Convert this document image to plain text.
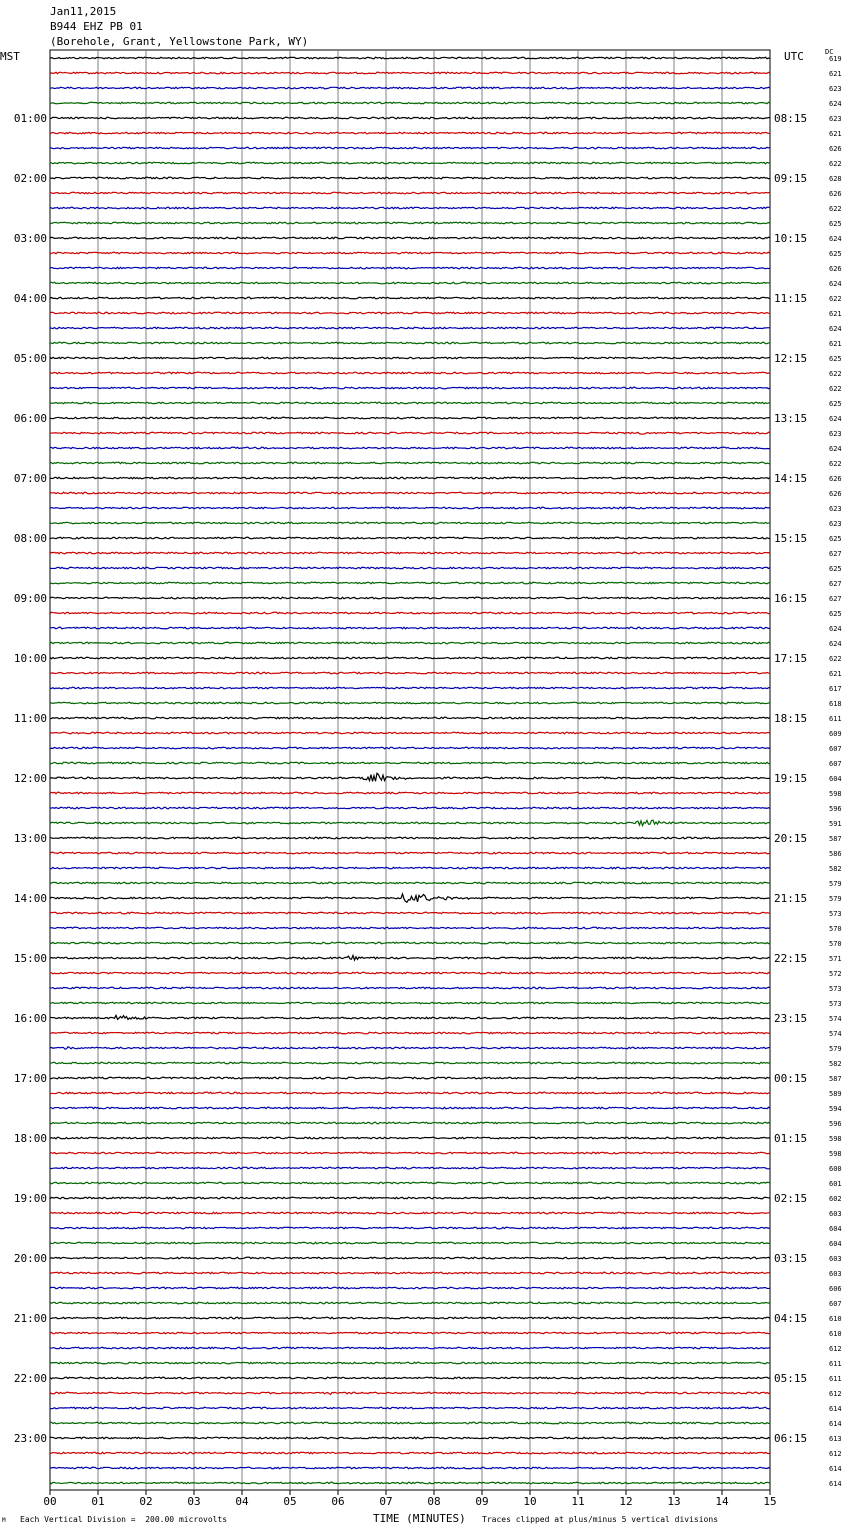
Jan11,2015
B944 EHZ PB 01
(Borehole, Grant, Yellowstone Park, WY)
MST	UTC	DC
619
621
623
624
623
621
626
622
628
626
622
625
624
625
626
624
622
621
624
621
625
622
622
625
624
623
624
622
626
626
623
623
625
627
625
627
627
625
624
624
622
621
617
618
611
609
607
607
604
598
596
591
587
586
582
579
579
573
570
570
571
572
573
573
574
574
579
582
587
589
594
596
598
598
600
601
602
603
604
604
603
603
606
607
610
610
612
611
611
612
614
614
613
612
614
614
01:00	08:15
02:00	09:15
03:00	10:15
04:00	11:15
05:00	12:15
06:00	13:15
07:00	14:15
08:00	15:15
09:00	16:15
10:00	17:15
11:00	18:15
12:00	19:15
13:00	20:15
14:00	21:15
15:00	22:15
16:00	23:15
17:00	00:15
18:00	01:15
19:00	02:15
20:00	03:15
21:00	04:15
22:00	05:15
23:00	06:15
00	01	02	03	04	05	06	07	08	09	10	11	12	13	14	15
M Each Vertical Division =  200.00 microvolts	TIME (MINUTES) Traces clipped at plus/minus 5 vertical divisions
